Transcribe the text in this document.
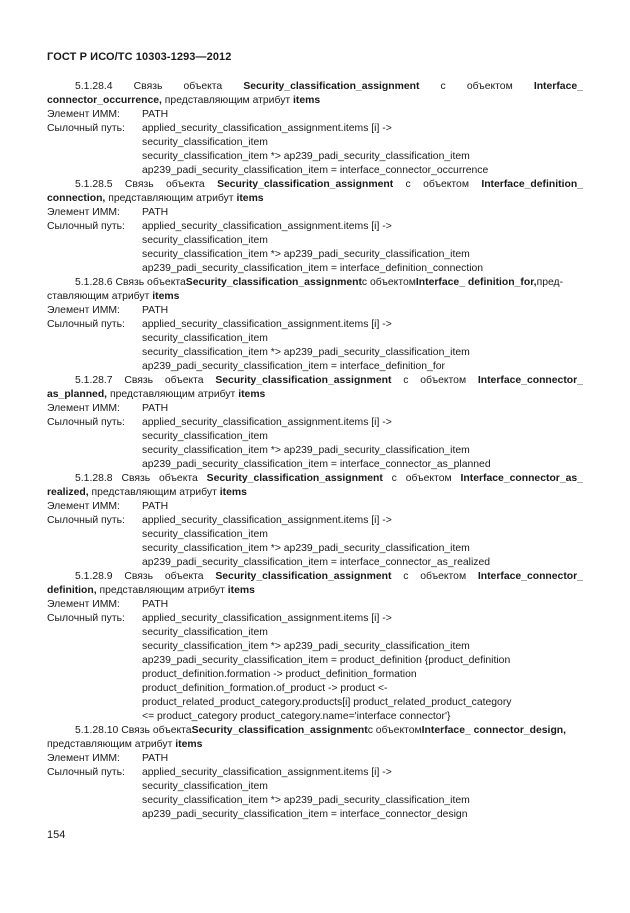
ГОСТ Р ИСО/ТС 10303-1293—2012
5.1.28.4 Связь объекта Security_classification_assignment с объектом Interface_
connector_occurrence, представляющим атрибут items
Элемент ИММ: PATH
Сылочный путь: applied_security_classification_assignment.items [i] ->
security_classification_item
security_classification_item *> ap239_padi_security_classification_item
ap239_padi_security_classification_item = interface_connector_occurrence
5.1.28.5 Связь объекта Security_classification_assignment с объектом Interface_definition_
connection, представляющим атрибут items
Элемент ИММ: PATH
Сылочный путь: applied_security_classification_assignment.items [i] ->
security_classification_item
security_classification_item *> ap239_padi_security_classification_item
ap239_padi_security_classification_item = interface_definition_connection
5.1.28.6 Связь объекта Security_classification_assignment с объектом Interface_ definition_for, пред-
ставляющим атрибут items
Элемент ИММ: PATH
Сылочный путь: applied_security_classification_assignment.items [i] ->
security_classification_item
security_classification_item *> ap239_padi_security_classification_item
ap239_padi_security_classification_item = interface_definition_for
5.1.28.7 Связь объекта Security_classification_assignment с объектом Interface_connector_
as_planned, представляющим атрибут items
Элемент ИММ: PATH
Сылочный путь: applied_security_classification_assignment.items [i] ->
security_classification_item
security_classification_item *> ap239_padi_security_classification_item
ap239_padi_security_classification_item = interface_connector_as_planned
5.1.28.8 Связь объекта Security_classification_assignment с объектом Interface_connector_as_
realized, представляющим атрибут items
Элемент ИММ: PATH
Сылочный путь: applied_security_classification_assignment.items [i] ->
security_classification_item
security_classification_item *> ap239_padi_security_classification_item
ap239_padi_security_classification_item = interface_connector_as_realized
5.1.28.9 Связь объекта Security_classification_assignment с объектом Interface_connector_
definition, представляющим атрибут items
Элемент ИММ: PATH
Сылочный путь: applied_security_classification_assignment.items [i] ->
security_classification_item
security_classification_item *> ap239_padi_security_classification_item
ap239_padi_security_classification_item = product_definition {product_definition
product_definition.formation -> product_definition_formation
product_definition_formation.of_product -> product <-
product_related_product_category.products[i] product_related_product_category
<= product_category product_category.name='interface connector'}
5.1.28.10 Связь объекта Security_classification_assignment с объектом Interface_ connector_design,
представляющим атрибут items
Элемент ИММ: PATH
Сылочный путь: applied_security_classification_assignment.items [i] ->
security_classification_item
security_classification_item *> ap239_padi_security_classification_item
ap239_padi_security_classification_item = interface_connector_design
154
